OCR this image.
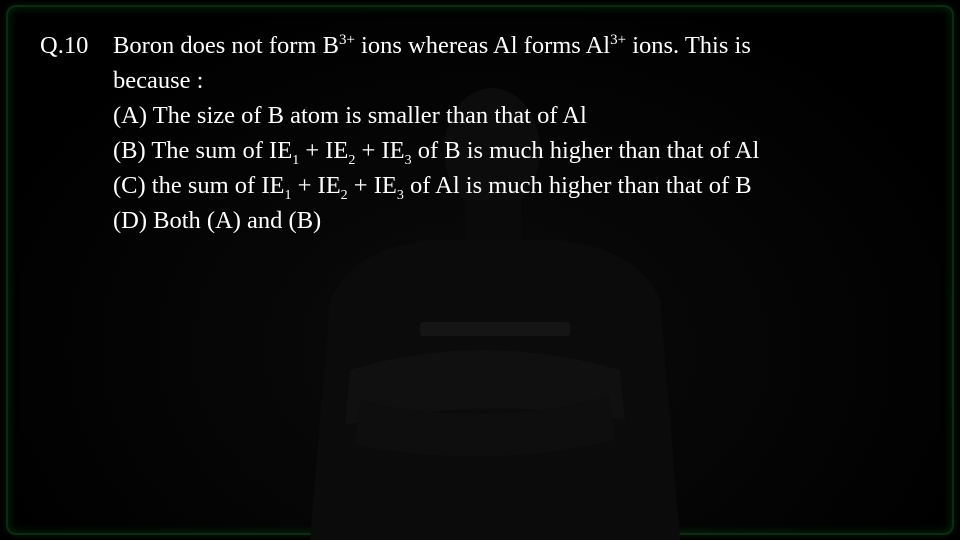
Q.10	Boron does not form $B^{3+}$ ions whereas Al forms $Al^{3+}$ ions. This is
because :
(A) The size of B atom is smaller than that of Al
(B) The sum of $IE_1 + IE_2 + IE_3$ of B is much higher than that of Al
(C) the sum of $IE_1 + IE_2 + IE_3$ of Al is much higher than that of B
(D) Both (A) and (B)
